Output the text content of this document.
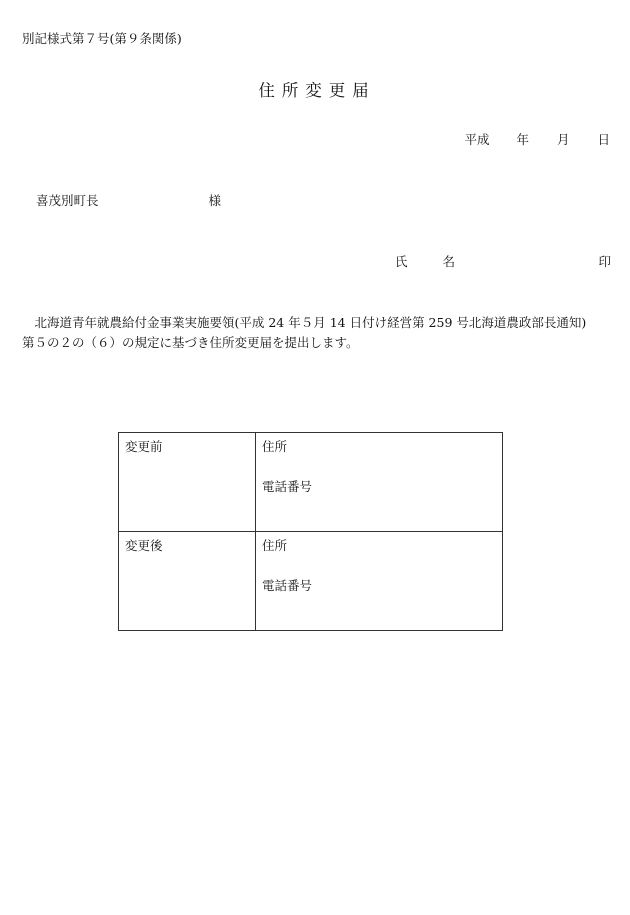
別記様式第７号(第９条関係)
住所変更届
平成 年 月 日
喜茂別町長	様
氏　名	印
北海道青年就農給付金事業実施要領(平成 24 年５月 14 日付け経営第 259 号北海道農政部長通知)
第５の２の（６）の規定に基づき住所変更届を提出します。
変更前	住所
電話番号

変更後	住所
電話番号
